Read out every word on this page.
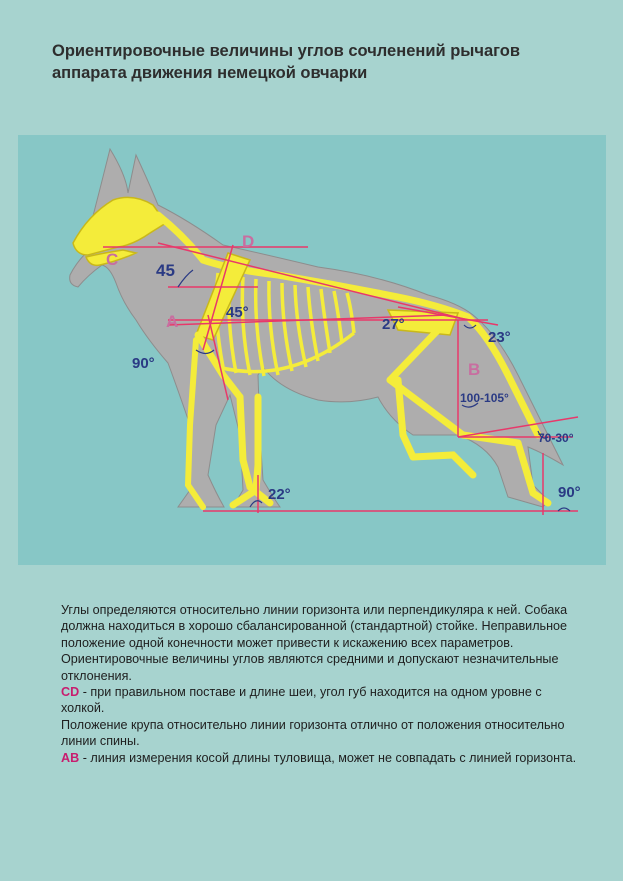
Ориентировочные величины углов сочленений рычагов
аппарата движения немецкой овчарки
D
C
A
B
45
45°
90°
27°
23°
100-105°
70-30°
90°
22°

Углы определяются относительно линии горизонта или перпендикуляра к ней. Собака должна находиться в хорошо сбалансированной (стандартной) стойке. Неправильное положение одной конечности может привести к искажению всех параметров. Ориентировочные величины углов являются средними и допускают незначительные отклонения.

CD - при правильном поставе и длине шеи, угол губ находится на одном уровне с холкой.

Положение крупа относительно линии горизонта отлично от положения относительно линии спины.

AB - линия измерения косой длины туловища, может не совпадать с линией горизонта.
